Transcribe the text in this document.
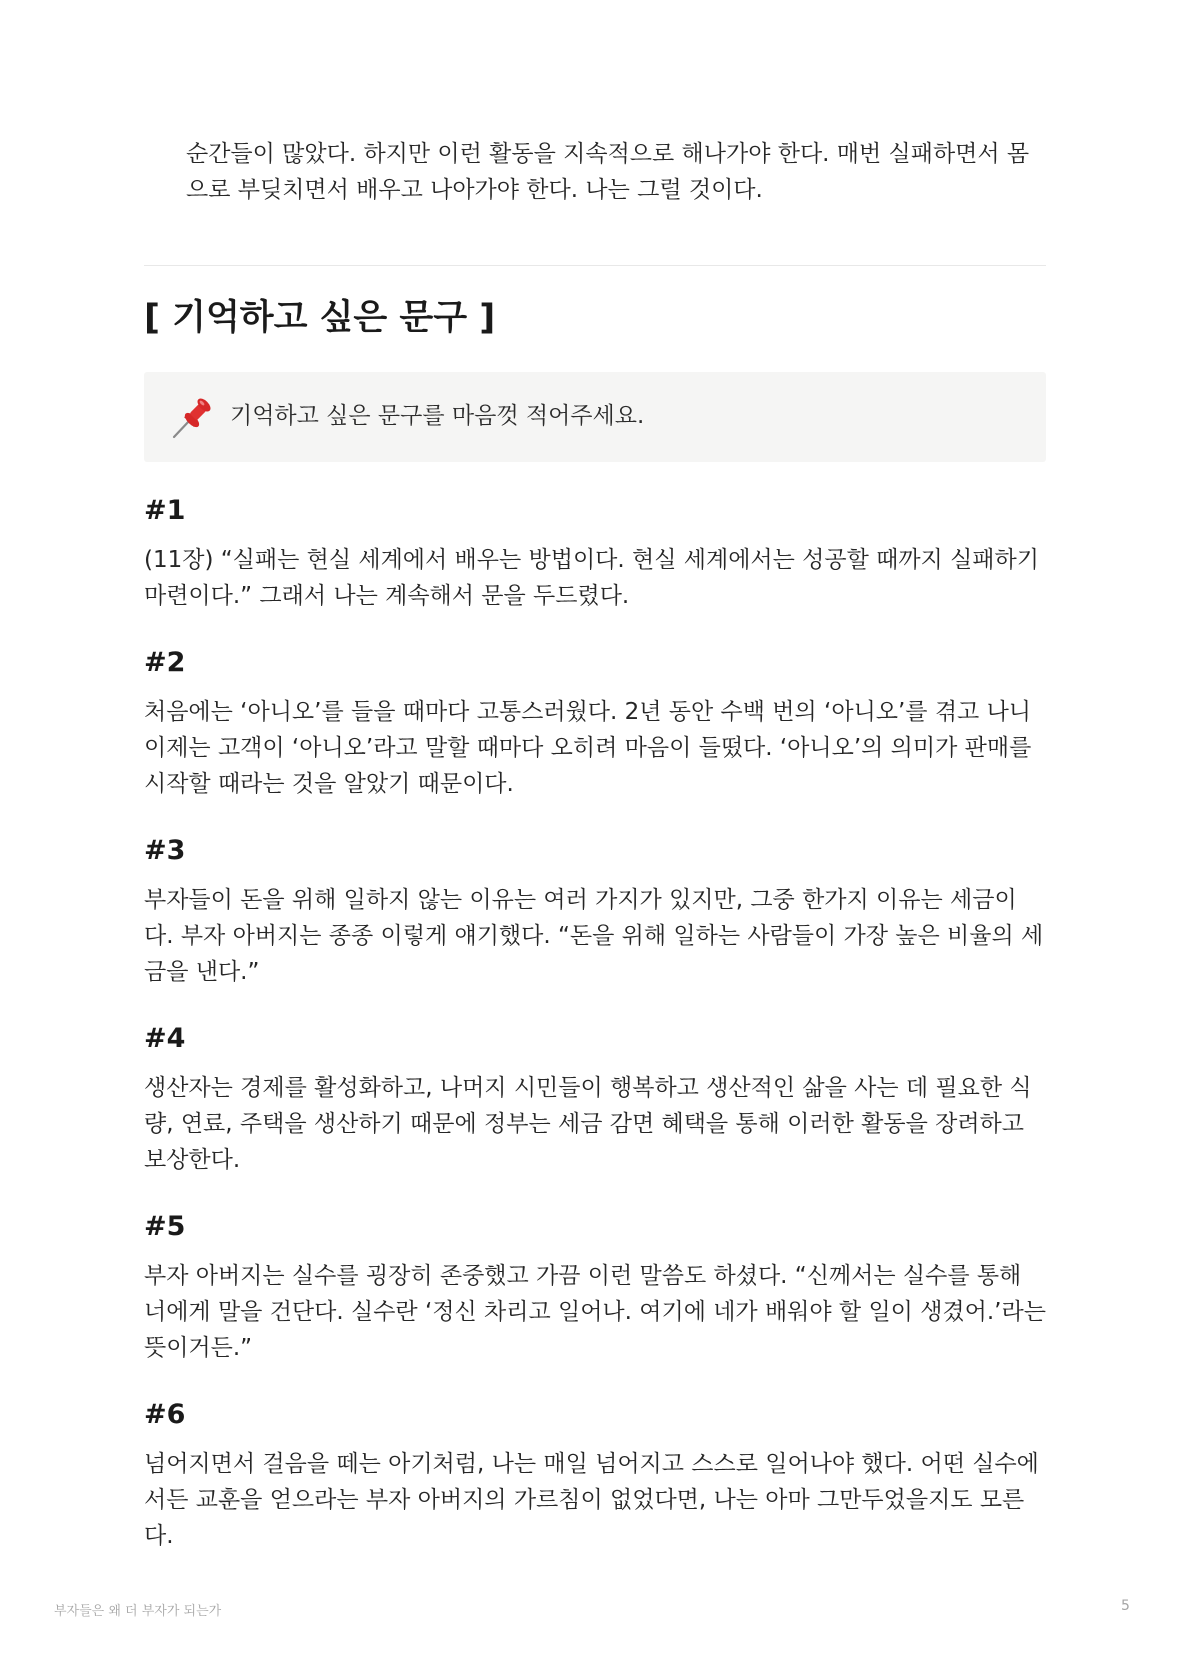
순간들이 많았다. 하지만 이런 활동을 지속적으로 해나가야 한다. 매번 실패하면서 몸으로 부딪치면서 배우고 나아가야 한다. 나는 그럴 것이다.

[ 기억하고 싶은 문구 ]
기억하고 싶은 문구를 마음껏 적어주세요.
#1

(11장) “실패는 현실 세계에서 배우는 방법이다. 현실 세계에서는 성공할 때까지 실패하기 마련이다.” 그래서 나는 계속해서 문을 두드렸다.

#2

처음에는 ‘아니오’를 들을 때마다 고통스러웠다. 2년 동안 수백 번의 ‘아니오’를 겪고 나니 이제는 고객이 ‘아니오’라고 말할 때마다 오히려 마음이 들떴다. ‘아니오’의 의미가 판매를 시작할 때라는 것을 알았기 때문이다.

#3

부자들이 돈을 위해 일하지 않는 이유는 여러 가지가 있지만, 그중 한가지 이유는 세금이다. 부자 아버지는 종종 이렇게 얘기했다. “돈을 위해 일하는 사람들이 가장 높은 비율의 세금을 낸다.”

#4

생산자는 경제를 활성화하고, 나머지 시민들이 행복하고 생산적인 삶을 사는 데 필요한 식량, 연료, 주택을 생산하기 때문에 정부는 세금 감면 혜택을 통해 이러한 활동을 장려하고 보상한다.

#5

부자 아버지는 실수를 굉장히 존중했고 가끔 이런 말씀도 하셨다. “신께서는 실수를 통해 너에게 말을 건단다. 실수란 ‘정신 차리고 일어나. 여기에 네가 배워야 할 일이 생겼어.’라는 뜻이거든.”

#6

넘어지면서 걸음을 떼는 아기처럼, 나는 매일 넘어지고 스스로 일어나야 했다. 어떤 실수에서든 교훈을 얻으라는 부자 아버지의 가르침이 없었다면, 나는 아마 그만두었을지도 모른다.

부자들은 왜 더 부자가 되는가	5
